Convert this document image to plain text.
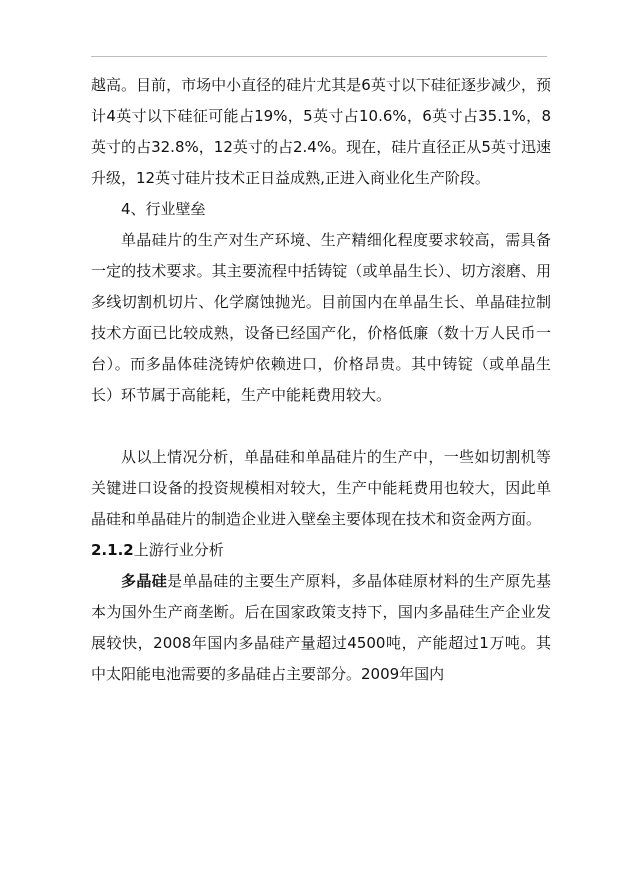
越高。目前，市场中小直径的硅片尤其是6英寸以下硅征逐步减少，预计4英寸以下硅征可能占19%，5英寸占10.6%，6英寸占35.1%，8英寸的占32.8%，12英寸的占2.4%。现在，硅片直径正从5英寸迅速升级，12英寸硅片技术正日益成熟,正进入商业化生产阶段。

4、行业壁垒

单晶硅片的生产对生产环境、生产精细化程度要求较高，需具备一定的技术要求。其主要流程中括铸锭（或单晶生长）、切方滚磨、用多线切割机切片、化学腐蚀抛光。目前国内在单晶生长、单晶硅拉制技术方面已比较成熟，设备已经国产化，价格低廉（数十万人民币一台）。而多晶体硅浇铸炉依赖进口，价格昂贵。其中铸锭（或单晶生长）环节属于高能耗，生产中能耗费用较大。

从以上情况分析，单晶硅和单晶硅片的生产中，一些如切割机等关键进口设备的投资规模相对较大，生产中能耗费用也较大，因此单晶硅和单晶硅片的制造企业进入壁垒主要体现在技术和资金两方面。

2.1.2上游行业分析

多晶硅是单晶硅的主要生产原料，多晶体硅原材料的生产原先基本为国外生产商垄断。后在国家政策支持下，国内多晶硅生产企业发展较快，2008年国内多晶硅产量超过4500吨，产能超过1万吨。其中太阳能电池需要的多晶硅占主要部分。2009年国内
